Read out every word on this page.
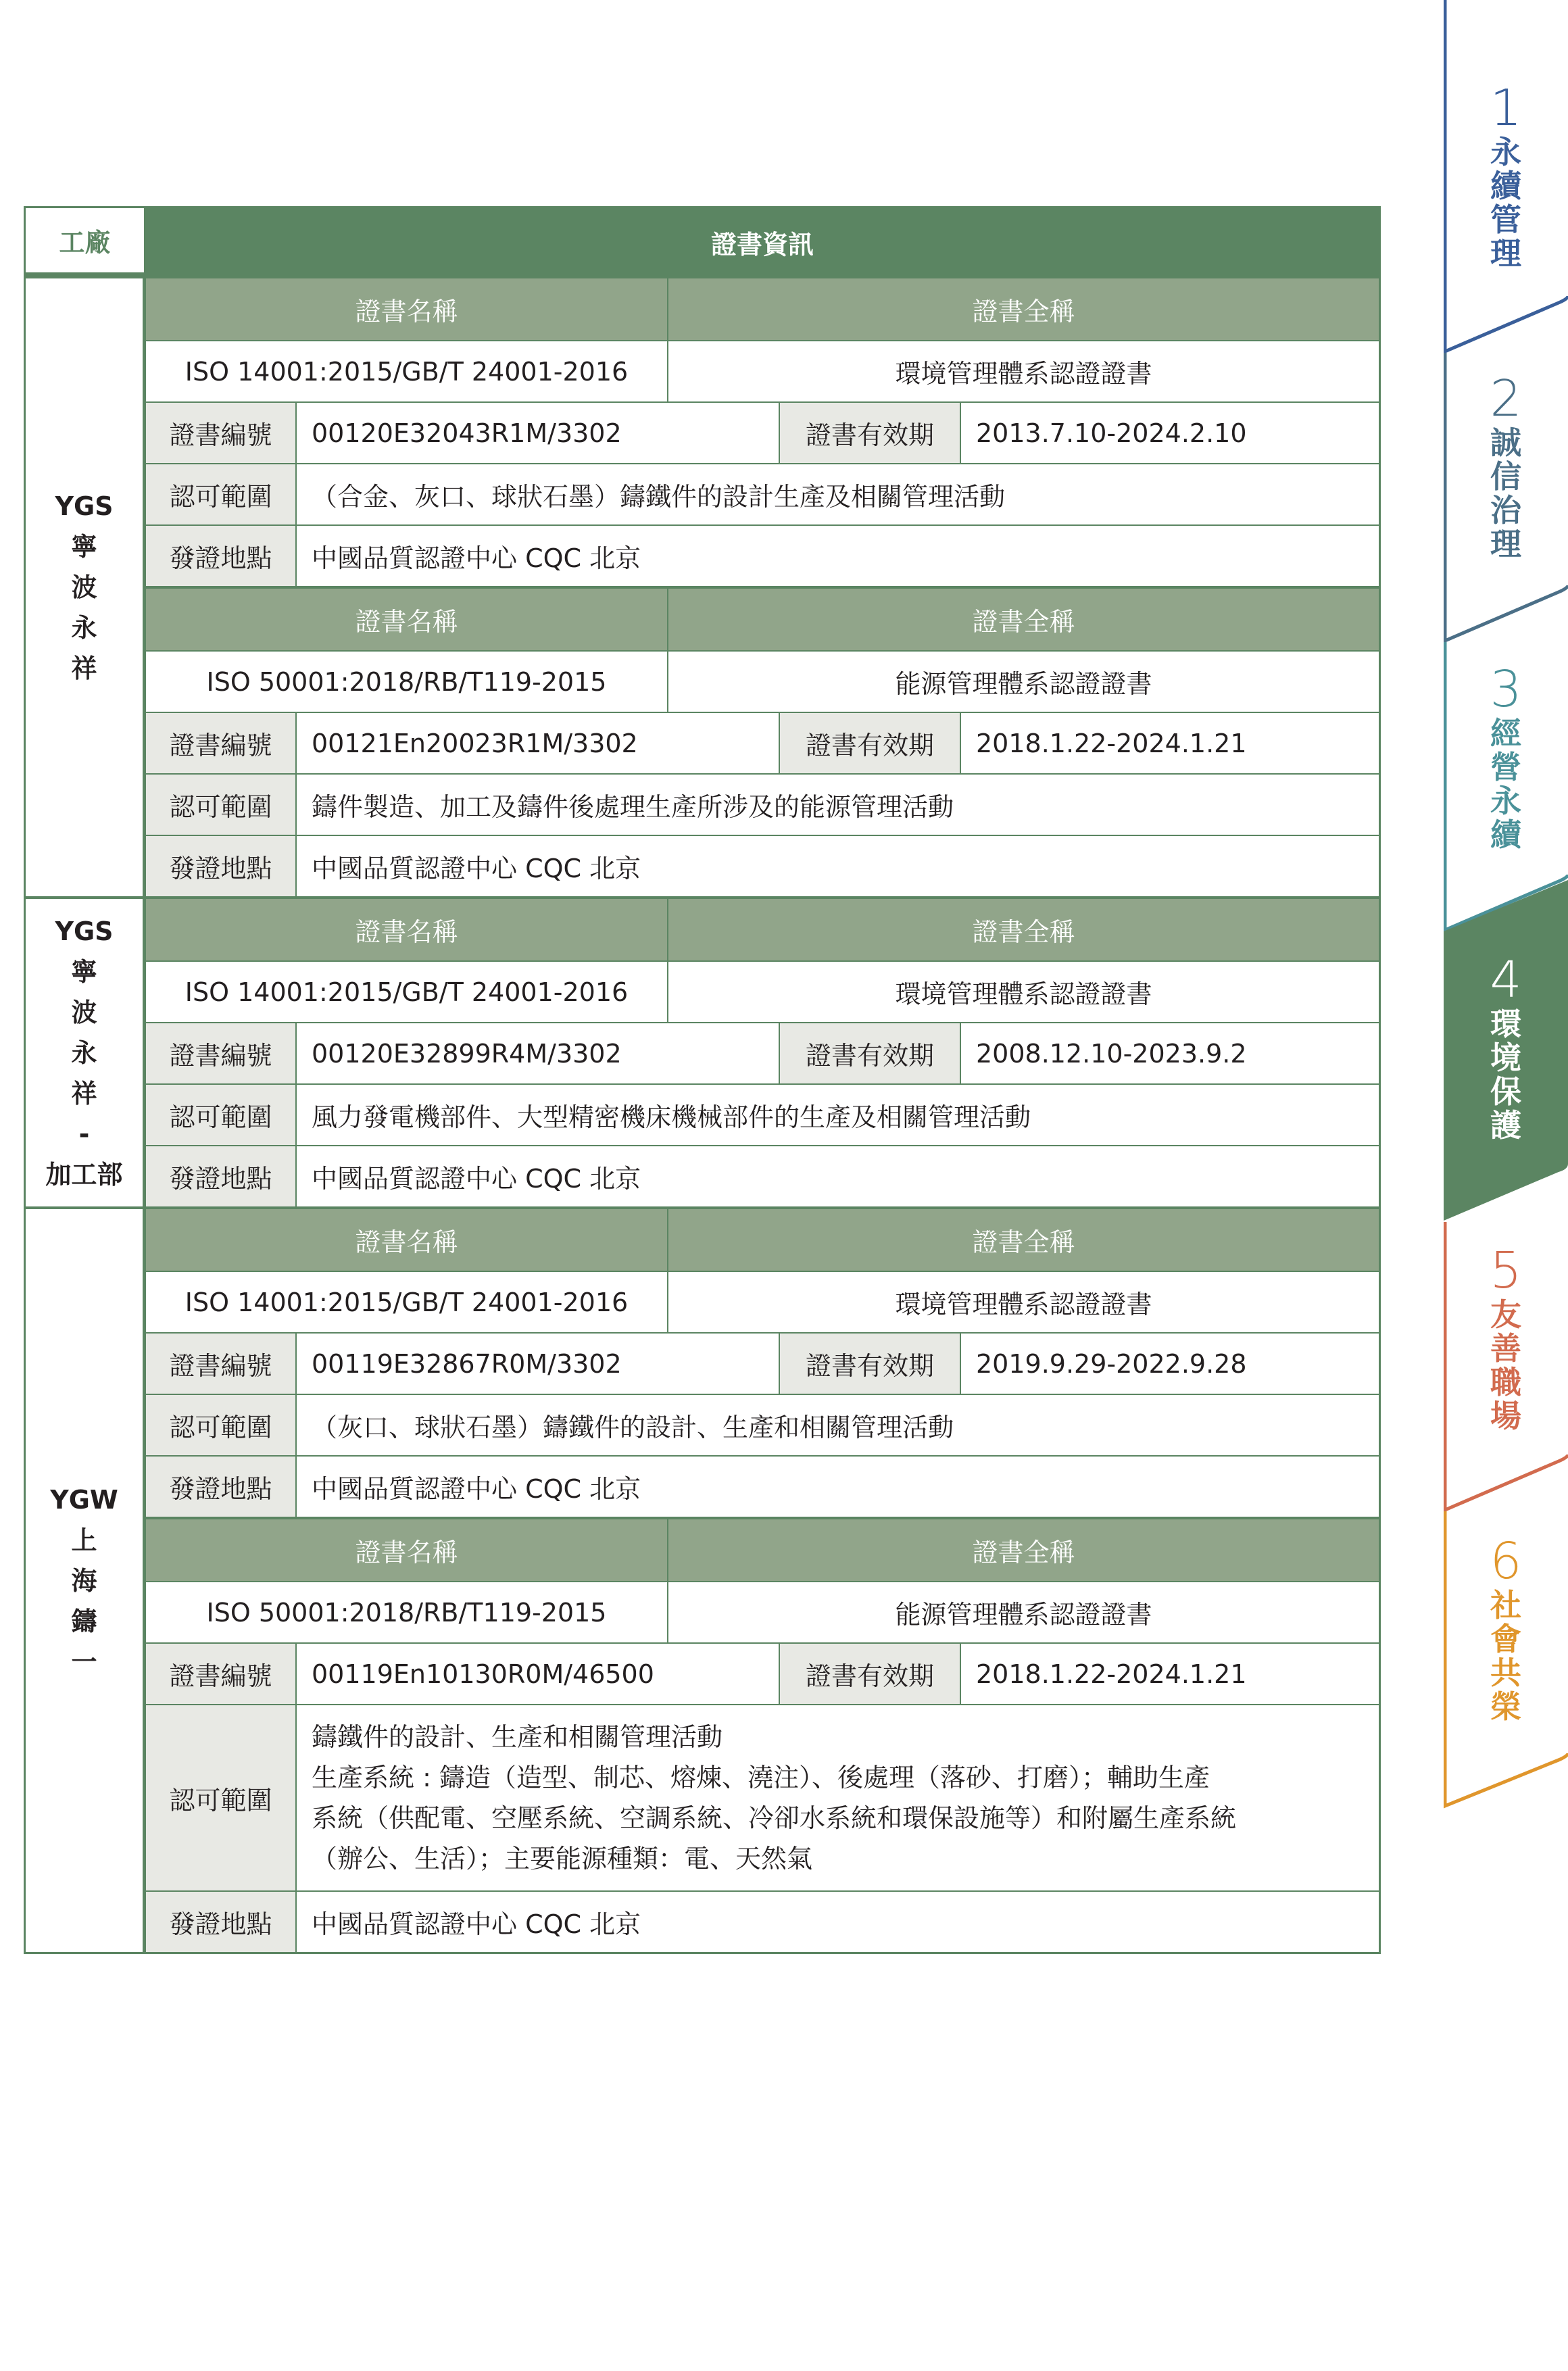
工廠	證書資訊
YGS
寧
波
永
祥
證書名稱	證書全稱
ISO 14001:2015/GB/T 24001-2016	環境管理體系認證證書
證書編號	00120E32043R1M/3302	證書有效期	2013.7.10-2024.2.10
認可範圍	（合金、灰口、球狀石墨）鑄鐵件的設計生產及相關管理活動
發證地點	中國品質認證中心 CQC 北京
證書名稱	證書全稱
ISO 50001:2018/RB/T119-2015	能源管理體系認證證書
證書編號	00121En20023R1M/3302	證書有效期	2018.1.22-2024.1.21
認可範圍	鑄件製造、加工及鑄件後處理生產所涉及的能源管理活動
發證地點	中國品質認證中心 CQC 北京
YGS
寧
波
永
祥
-
加工部
證書名稱	證書全稱
ISO 14001:2015/GB/T 24001-2016	環境管理體系認證證書
證書編號	00120E32899R4M/3302	證書有效期	2008.12.10-2023.9.2
認可範圍	風力發電機部件、大型精密機床機械部件的生產及相關管理活動
發證地點	中國品質認證中心 CQC 北京
YGW
上
海
鑄
一
證書名稱	證書全稱
ISO 14001:2015/GB/T 24001-2016	環境管理體系認證證書
證書編號	00119E32867R0M/3302	證書有效期	2019.9.29-2022.9.28
認可範圍	（灰口、球狀石墨）鑄鐵件的設計、生產和相關管理活動
發證地點	中國品質認證中心 CQC 北京
證書名稱	證書全稱
ISO 50001:2018/RB/T119-2015	能源管理體系認證證書
證書編號	00119En10130R0M/46500	證書有效期	2018.1.22-2024.1.21
認可範圍
鑄鐵件的設計、生產和相關管理活動
生產系統 : 鑄造（造型、制芯、熔煉、澆注）、後處理（落砂、打磨）；輔助生產
系統（供配電、空壓系統、空調系統、冷卻水系統和環保設施等）和附屬生產系統
（辦公、生活）；主要能源種類：電、天然氣
發證地點	中國品質認證中心 CQC 北京
1
永續管理
2
誠信治理
3
經營永續
4
環境保護
5
友善職場
6
社會共榮
